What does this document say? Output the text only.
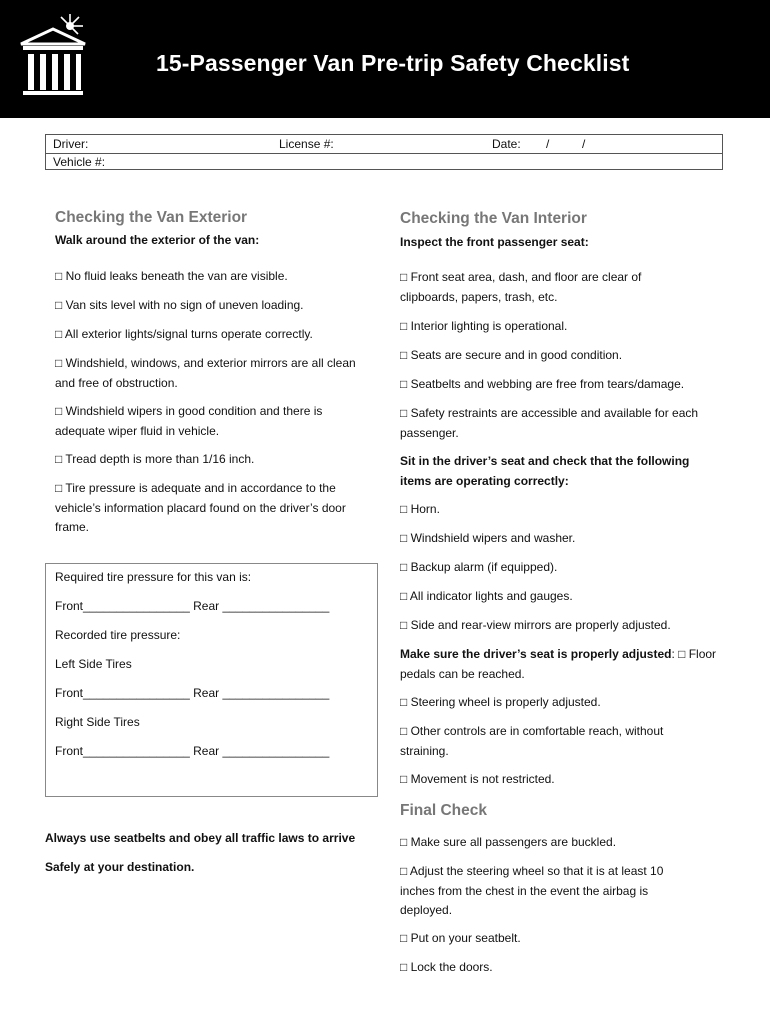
15-Passenger Van Pre-trip Safety Checklist
Driver:	License #:	Date: /	/
Vehicle #:
Checking the Van Exterior
Walk around the exterior of the van:
□ No fluid leaks beneath the van are visible.
□ Van sits level with no sign of uneven loading.
□ All exterior lights/signal turns operate correctly.
□ Windshield, windows, and exterior mirrors are all clean and free of obstruction.
□ Windshield wipers in good condition and there is adequate wiper fluid in vehicle.
□ Tread depth is more than 1/16 inch.
□ Tire pressure is adequate and in accordance to the vehicle’s information placard found on the driver’s door frame.
Required tire pressure for this van is:
Front________________ Rear ________________
Recorded tire pressure:
Left Side Tires
Front________________ Rear ________________
Right Side Tires
Front________________ Rear ________________
Always use seatbelts and obey all traffic laws to arrive
Safely at your destination.
Checking the Van Interior
Inspect the front passenger seat:
□ Front seat area, dash, and floor are clear of clipboards, papers, trash, etc.
□ Interior lighting is operational.
□ Seats are secure and in good condition.
□ Seatbelts and webbing are free from tears/damage.
□ Safety restraints are accessible and available for each passenger.
Sit in the driver’s seat and check that the following items are operating correctly:
□ Horn.
□ Windshield wipers and washer.
□ Backup alarm (if equipped).
□ All indicator lights and gauges.
□ Side and rear-view mirrors are properly adjusted.
Make sure the driver’s seat is properly adjusted: □ Floor pedals can be reached.
□ Steering wheel is properly adjusted.
□ Other controls are in comfortable reach, without straining.
□ Movement is not restricted.
Final Check
□ Make sure all passengers are buckled.
□ Adjust the steering wheel so that it is at least 10 inches from the chest in the event the airbag is deployed.
□ Put on your seatbelt.
□ Lock the doors.
